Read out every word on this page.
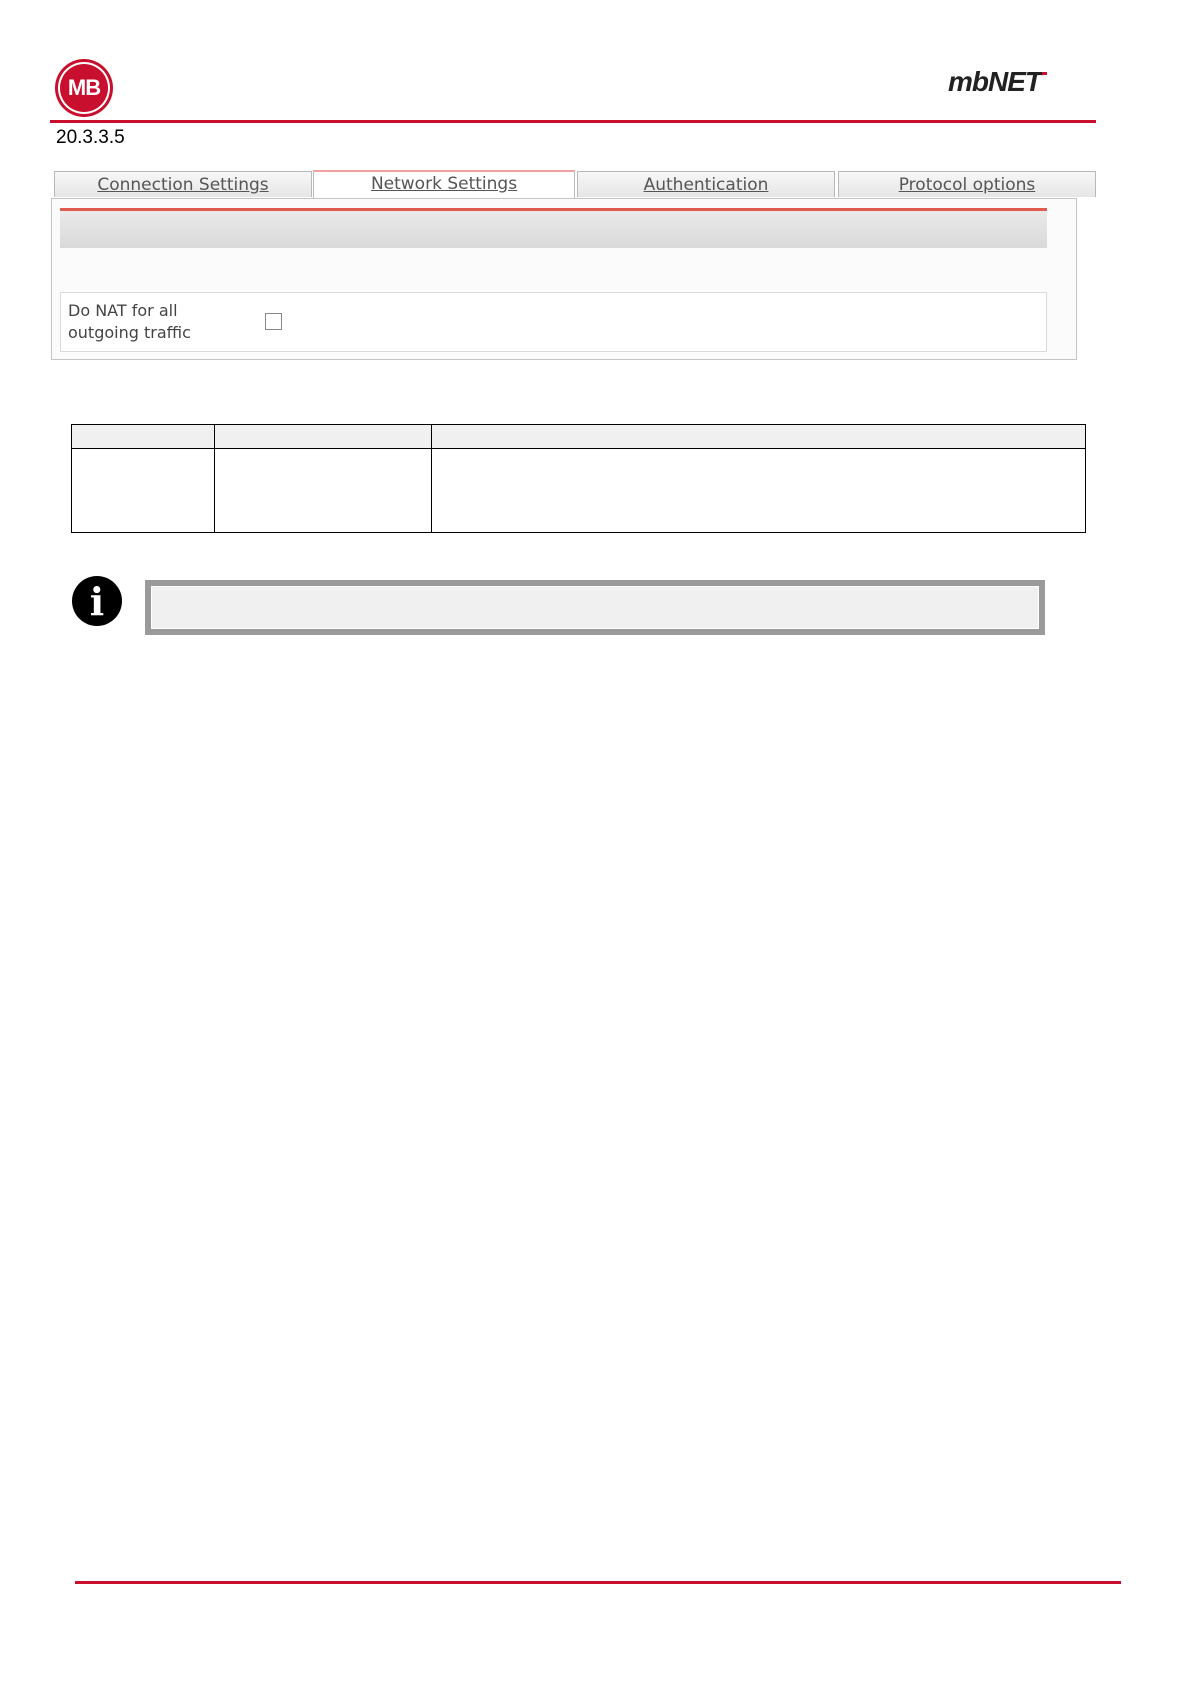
MB	mbNET
20.3.3.5
Connection Settings	Network Settings	Authentication	Protocol options
Do NAT for all outgoing traffic

i
